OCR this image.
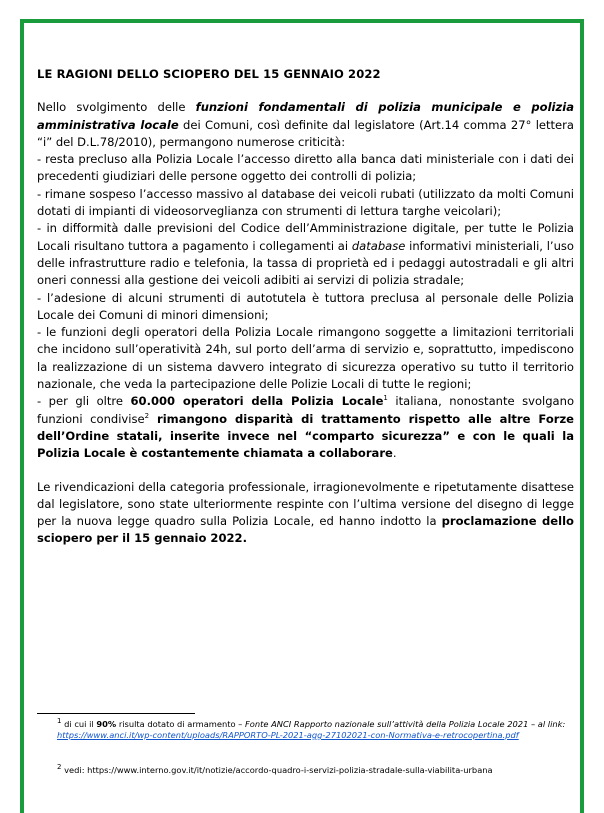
LE RAGIONI DELLO SCIOPERO DEL 15 GENNAIO 2022

Nello svolgimento delle funzioni fondamentali di polizia municipale e polizia amministrativa locale dei Comuni, così definite dal legislatore (Art.14 comma 27° lettera “i” del D.L.78/2010), permangono numerose criticità:

- resta precluso alla Polizia Locale l’accesso diretto alla banca dati ministeriale con i dati dei precedenti giudiziari delle persone oggetto dei controlli di polizia;

- rimane sospeso l’accesso massivo al database dei veicoli rubati (utilizzato da molti Comuni dotati di impianti di videosorveglianza con strumenti di lettura targhe veicolari);

- in difformità dalle previsioni del Codice dell’Amministrazione digitale, per tutte le Polizia Locali risultano tuttora a pagamento i collegamenti ai database informativi ministeriali, l’uso delle infrastrutture radio e telefonia, la tassa di proprietà ed i pedaggi autostradali e gli altri oneri connessi alla gestione dei veicoli adibiti ai servizi di polizia stradale;

- l’adesione di alcuni strumenti di autotutela è tuttora preclusa al personale delle Polizia Locale dei Comuni di minori dimensioni;

- le funzioni degli operatori della Polizia Locale rimangono soggette a limitazioni territoriali che incidono sull’operatività 24h, sul porto dell’arma di servizio e, soprattutto, impediscono la realizzazione di un sistema davvero integrato di sicurezza operativo su tutto il territorio nazionale, che veda la partecipazione delle Polizie Locali di tutte le regioni;

- per gli oltre 60.000 operatori della Polizia Locale$^1$ italiana, nonostante svolgano funzioni condivise$^2$ rimangono disparità di trattamento rispetto alle altre Forze dell’Ordine statali, inserite invece nel “comparto sicurezza” e con le quali la Polizia Locale è costantemente chiamata a collaborare.

Le rivendicazioni della categoria professionale, irragionevolmente e ripetutamente disattese dal legislatore, sono state ulteriormente respinte con l’ultima versione del disegno di legge per la nuova legge quadro sulla Polizia Locale, ed hanno indotto la proclamazione dello sciopero per il 15 gennaio 2022.

$^1$ di cui il 90% risulta dotato di armamento – Fonte ANCI Rapporto nazionale sull’attività della Polizia Locale 2021 – al link: https://www.anci.it/wp-content/uploads/RAPPORTO-PL-2021-agg-27102021-con-Normativa-e-retrocopertina.pdf
$^2$ vedi: https://www.interno.gov.it/it/notizie/accordo-quadro-i-servizi-polizia-stradale-sulla-viabilita-urbana
